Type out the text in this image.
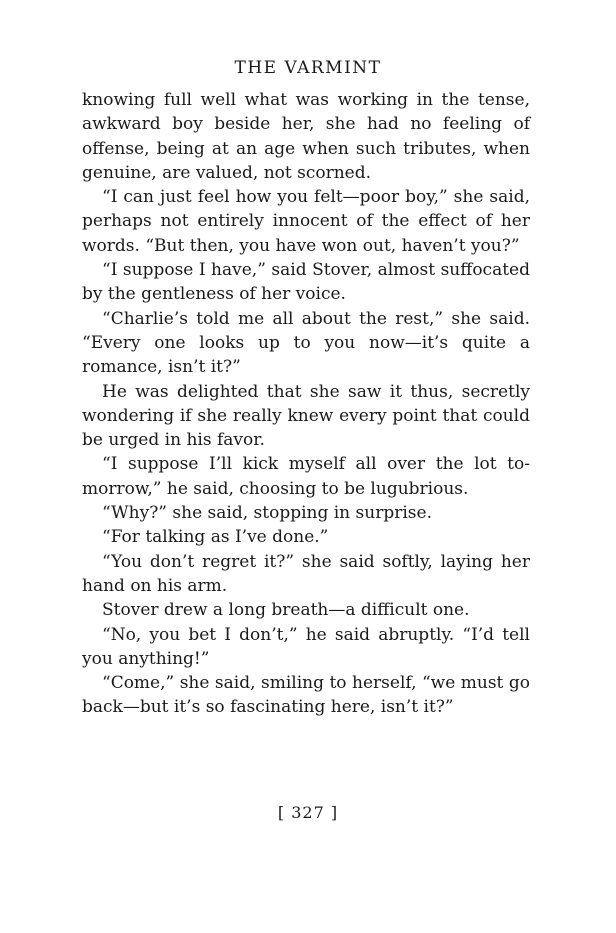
THE VARMINT

knowing full well what was working in the tense, awkward boy beside her, she had no feeling of offense, being at an age when such tributes, when genuine, are valued, not scorned.

“I can just feel how you felt—poor boy,” she said, perhaps not entirely innocent of the effect of her words. “But then, you have won out, haven’t you?”

“I suppose I have,” said Stover, almost suffocated by the gentleness of her voice.

“Charlie’s told me all about the rest,” she said. “Every one looks up to you now—it’s quite a romance, isn’t it?”

He was delighted that she saw it thus, secretly wondering if she really knew every point that could be urged in his favor.

“I suppose I’ll kick myself all over the lot to-morrow,” he said, choosing to be lugubrious.

“Why?” she said, stopping in surprise.

“For talking as I’ve done.”

“You don’t regret it?” she said softly, laying her hand on his arm.

Stover drew a long breath—a difficult one.

“No, you bet I don’t,” he said abruptly. “I’d tell you anything!”

“Come,” she said, smiling to herself, “we must go back—but it’s so fascinating here, isn’t it?”

[ 327 ]
